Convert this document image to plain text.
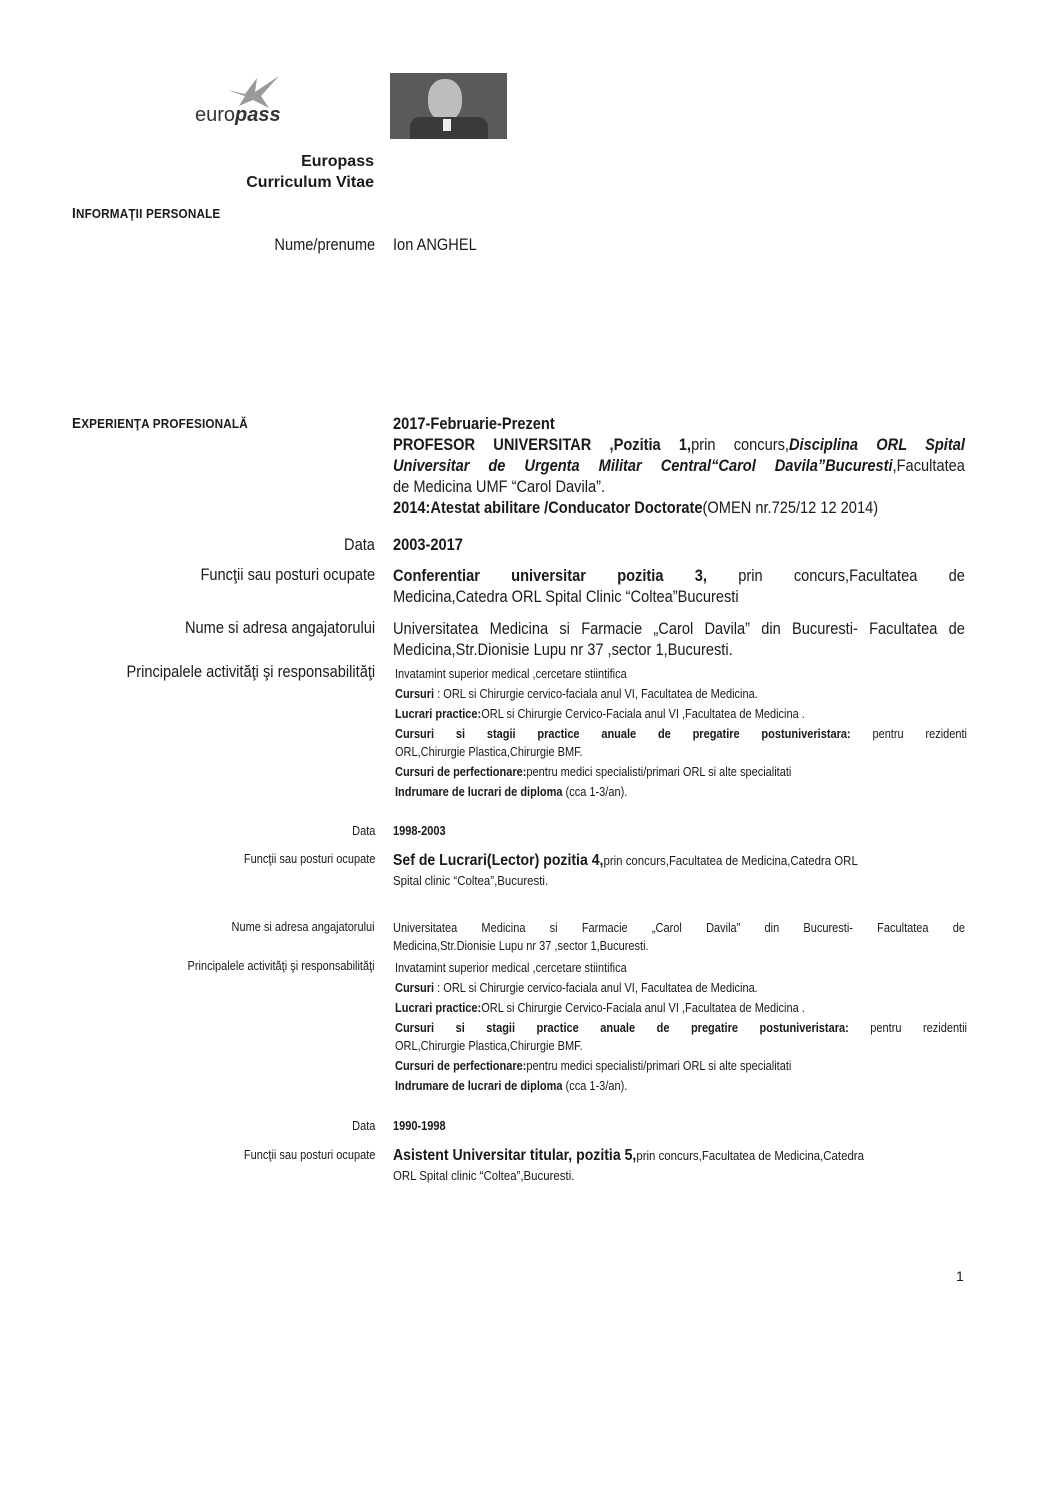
europass
Europass
Curriculum Vitae
INFORMAŢII PERSONALE
Nume/prenume Ion ANGHEL
EXPERIENŢA PROFESIONALĂ	2017-Februarie-Prezent
PROFESOR UNIVERSITAR ,Pozitia 1,prin concurs,Disciplina ORL Spital
Universitar de Urgenta Militar Central“Carol Davila”Bucuresti,Facultatea
de Medicina UMF “Carol Davila”.
2014:Atestat abilitare /Conducator Doctorate(OMEN nr.725/12 12 2014)
Data 2003-2017
Funcţii sau posturi ocupate Conferentiar universitar pozitia 3, prin concurs,Facultatea de
Medicina,Catedra ORL Spital Clinic “Coltea”Bucuresti
Nume si adresa angajatorului Universitatea Medicina si Farmacie „Carol Davila” din Bucuresti- Facultatea de
Medicina,Str.Dionisie Lupu nr 37 ,sector 1,Bucuresti.
Principalele activităţi şi responsabilităţi Invatamint superior medical ,cercetare stiintifica
Cursuri : ORL si Chirurgie cervico-faciala anul VI, Facultatea de Medicina.
Lucrari practice:ORL si Chirurgie Cervico-Faciala anul VI ,Facultatea de Medicina .
Cursuri si stagii practice anuale de pregatire postuniveristara: pentru rezidenti
ORL,Chirurgie Plastica,Chirurgie BMF.
Cursuri de perfectionare:pentru medici specialisti/primari ORL si alte specialitati
Indrumare de lucrari de diploma (cca 1-3/an).
Data 1998-2003
Funcţii sau posturi ocupate Sef de Lucrari(Lector) pozitia 4,prin concurs,Facultatea de Medicina,Catedra ORL
Spital clinic “Coltea”,Bucuresti.
Nume si adresa angajatorului Universitatea Medicina si Farmacie „Carol Davila” din Bucuresti- Facultatea de
Medicina,Str.Dionisie Lupu nr 37 ,sector 1,Bucuresti.
Principalele activităţi şi responsabilităţi Invatamint superior medical ,cercetare stiintifica
Cursuri : ORL si Chirurgie cervico-faciala anul VI, Facultatea de Medicina.
Lucrari practice:ORL si Chirurgie Cervico-Faciala anul VI ,Facultatea de Medicina .
Cursuri si stagii practice anuale de pregatire postuniveristara: pentru rezidentii
ORL,Chirurgie Plastica,Chirurgie BMF.
Cursuri de perfectionare:pentru medici specialisti/primari ORL si alte specialitati
Indrumare de lucrari de diploma (cca 1-3/an).
Data 1990-1998
Funcţii sau posturi ocupate Asistent Universitar titular, pozitia 5,prin concurs,Facultatea de Medicina,Catedra
ORL Spital clinic “Coltea”,Bucuresti.
1
